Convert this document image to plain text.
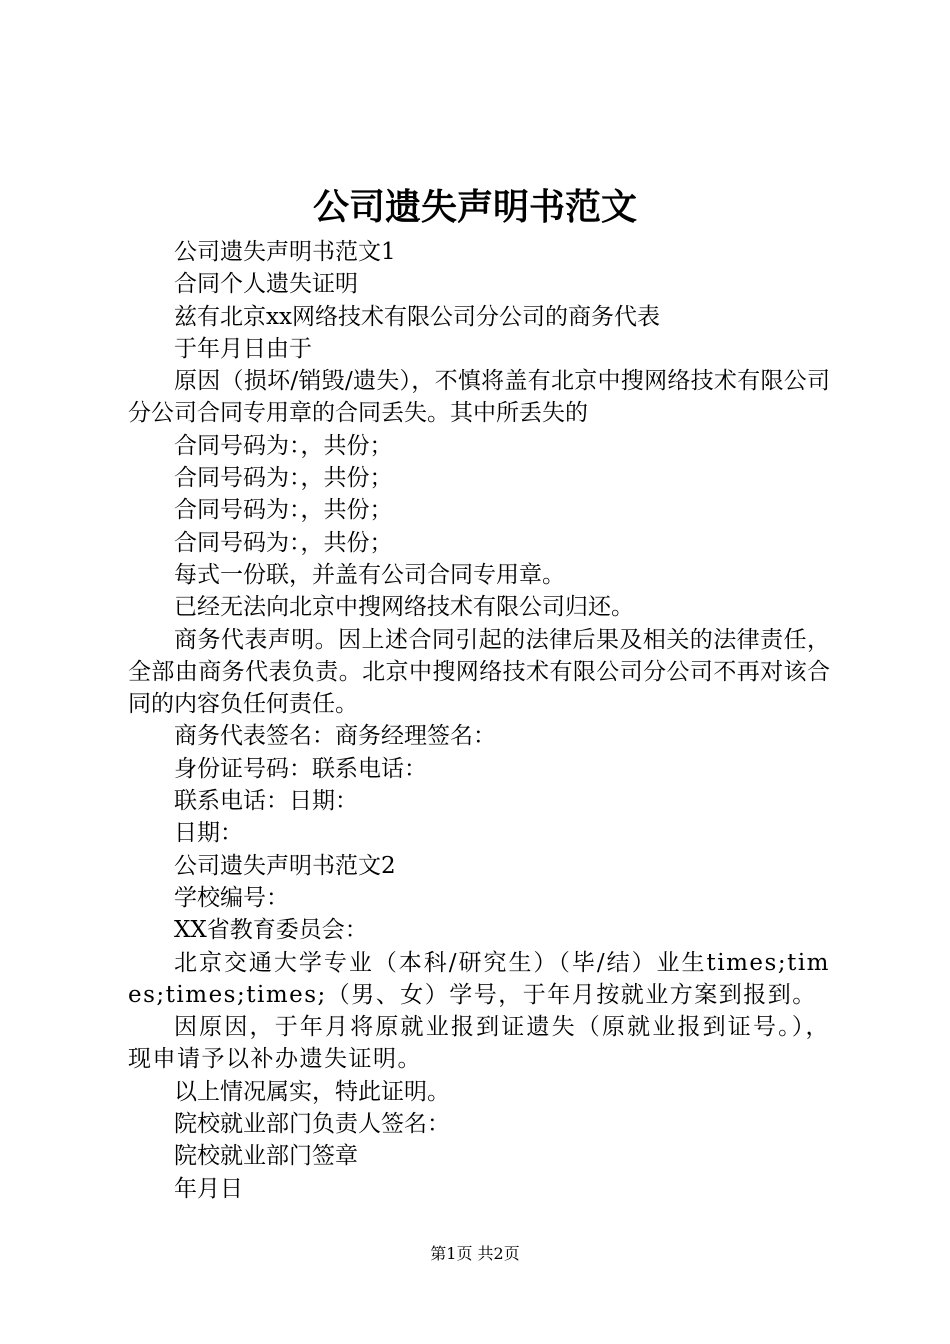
公司遗失声明书范文

公司遗失声明书范文1

合同个人遗失证明

兹有北京xx网络技术有限公司分公司的商务代表

于年月日由于

原因（损坏/销毁/遗失），不慎将盖有北京中搜网络技术有限公司分公司合同专用章的合同丢失。其中所丢失的

合同号码为：，共份；

合同号码为：，共份；

合同号码为：，共份；

合同号码为：，共份；

每式一份联，并盖有公司合同专用章。

已经无法向北京中搜网络技术有限公司归还。

商务代表声明。因上述合同引起的法律后果及相关的法律责任，全部由商务代表负责。北京中搜网络技术有限公司分公司不再对该合同的内容负任何责任。

商务代表签名：商务经理签名：

身份证号码：联系电话：

联系电话：日期：

日期：

公司遗失声明书范文2

学校编号：

XX省教育委员会：

北京交通大学专业（本科/研究生）（毕/结）业生times;times;times;times;（男、女）学号，于年月按就业方案到报到。

因原因，于年月将原就业报到证遗失（原就业报到证号。），现申请予以补办遗失证明。

以上情况属实，特此证明。

院校就业部门负责人签名：

院校就业部门签章

年月日

第1页 共2页
